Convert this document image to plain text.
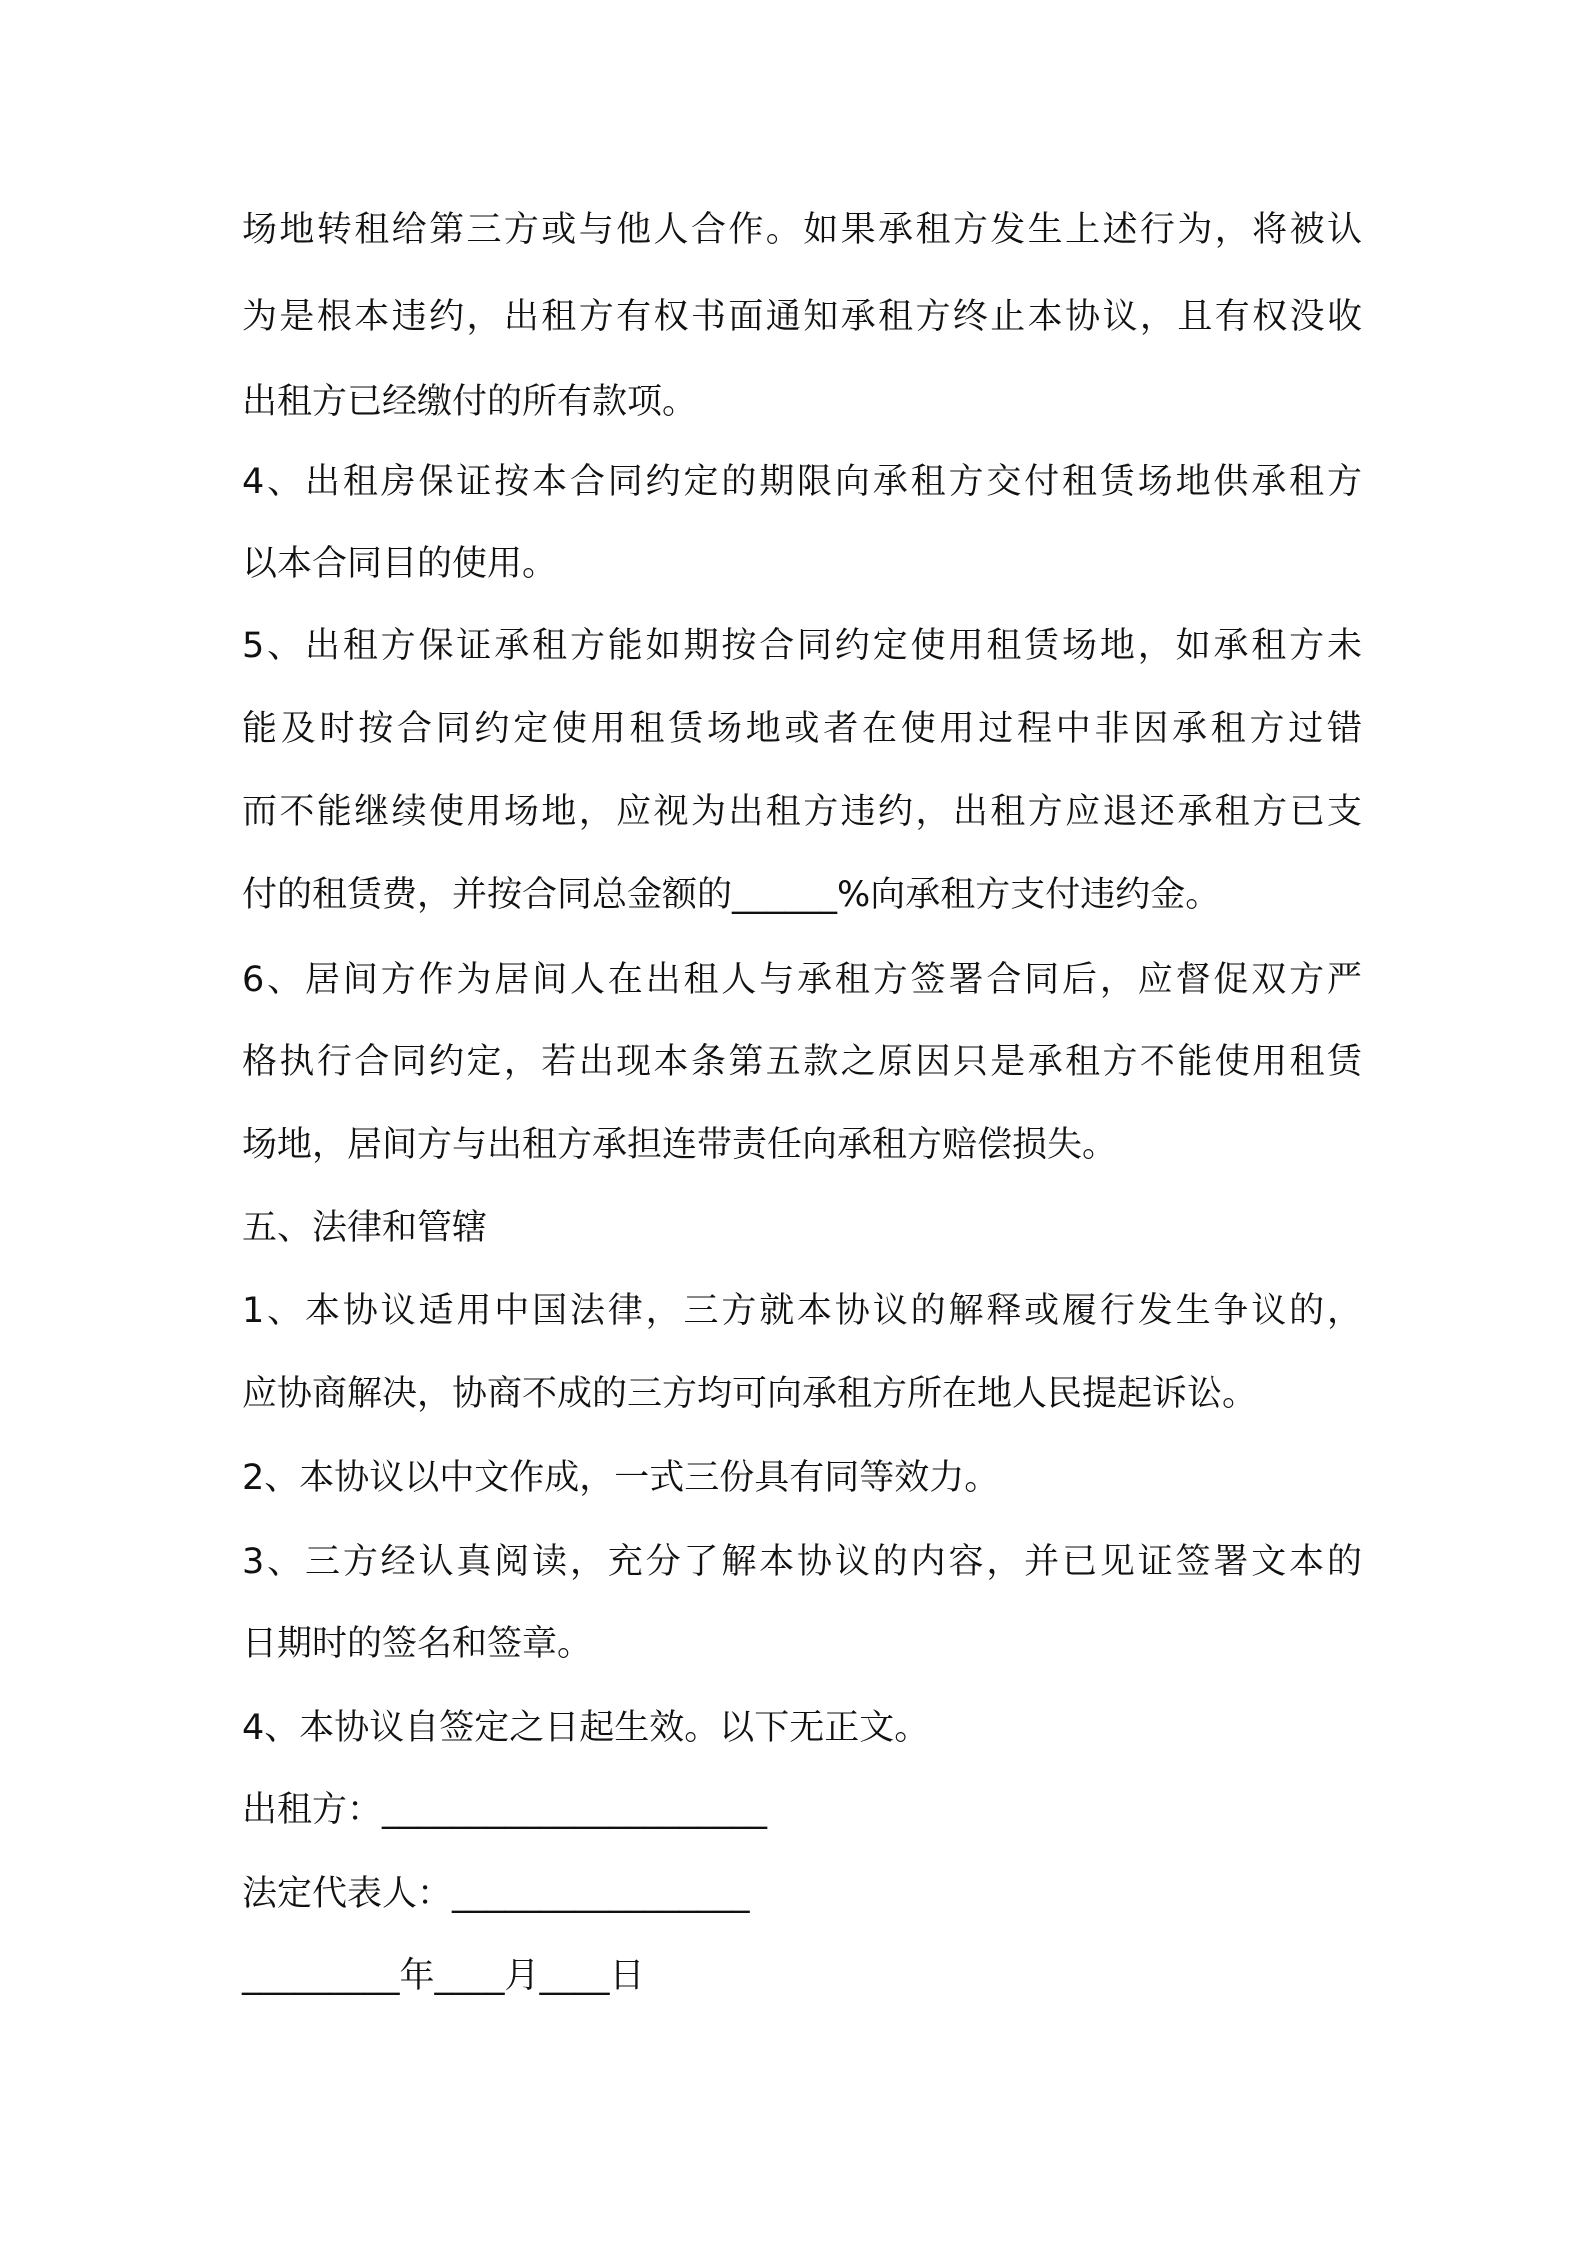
场地转租给第三方或与他人合作。如果承租方发生上述行为，将被认
为是根本违约，出租方有权书面通知承租方终止本协议，且有权没收
出租方已经缴付的所有款项。
4、出租房保证按本合同约定的期限向承租方交付租赁场地供承租方
以本合同目的使用。
5、出租方保证承租方能如期按合同约定使用租赁场地，如承租方未
能及时按合同约定使用租赁场地或者在使用过程中非因承租方过错
而不能继续使用场地，应视为出租方违约，出租方应退还承租方已支
付的租赁费，并按合同总金额的______%向承租方支付违约金。
6、居间方作为居间人在出租人与承租方签署合同后，应督促双方严
格执行合同约定，若出现本条第五款之原因只是承租方不能使用租赁
场地，居间方与出租方承担连带责任向承租方赔偿损失。
五、法律和管辖
1、本协议适用中国法律，三方就本协议的解释或履行发生争议的，
应协商解决，协商不成的三方均可向承租方所在地人民提起诉讼。
2、本协议以中文作成，一式三份具有同等效力。
3、三方经认真阅读，充分了解本协议的内容，并已见证签署文本的
日期时的签名和签章。
4、本协议自签定之日起生效。以下无正文。
出租方：______________________
法定代表人：_________________
_________年____月____日
